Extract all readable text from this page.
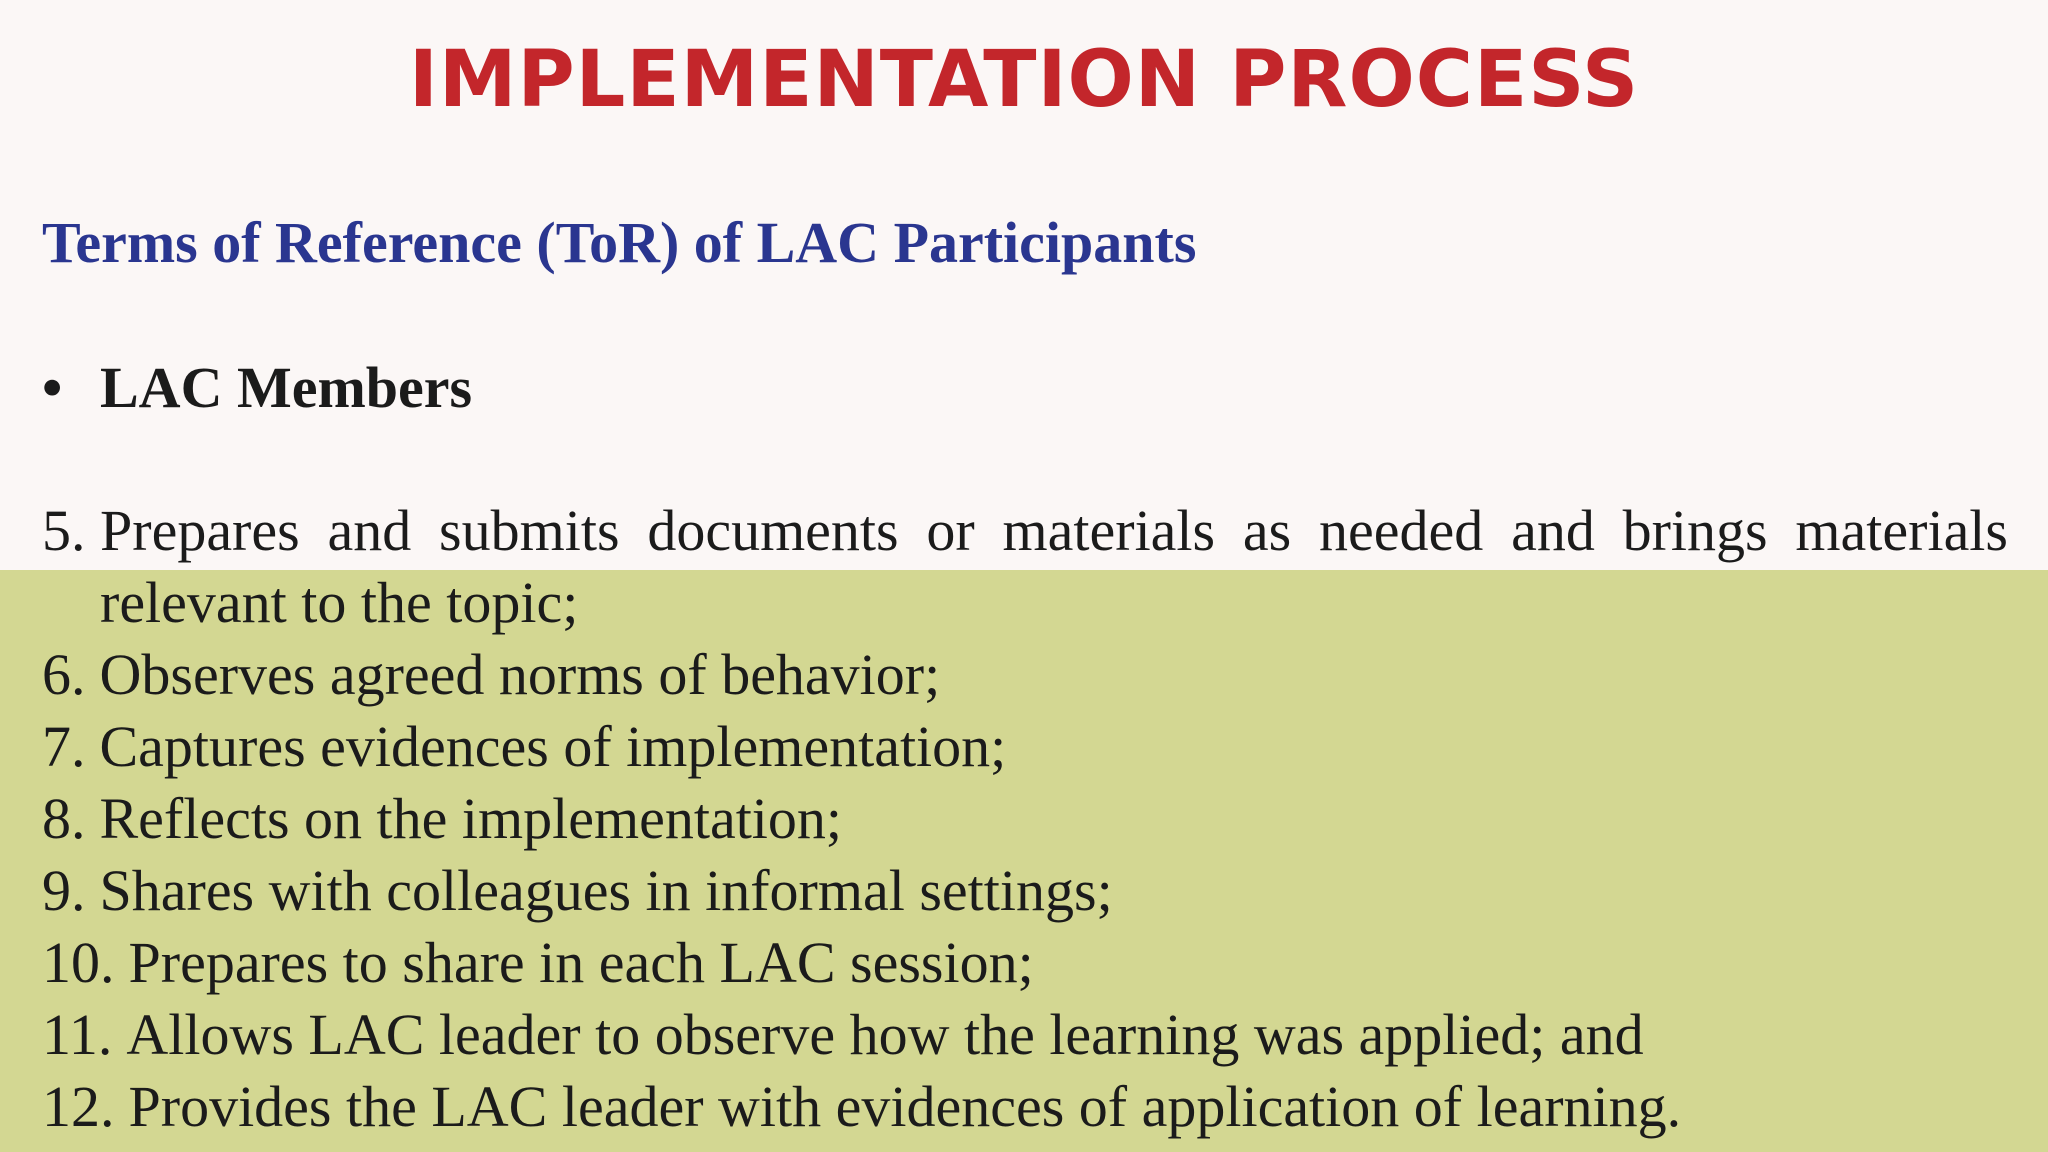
IMPLEMENTATION PROCESS
Terms of Reference (ToR) of LAC Participants
• LAC Members
5. Prepares and submits documents or materials as needed and brings materials relevant to the topic;
6. Observes agreed norms of behavior;
7. Captures evidences of implementation;
8. Reflects on the implementation;
9. Shares with colleagues in informal settings;
10. Prepares to share in each LAC session;
11. Allows LAC leader to observe how the learning was applied; and
12. Provides the LAC leader with evidences of application of learning.
